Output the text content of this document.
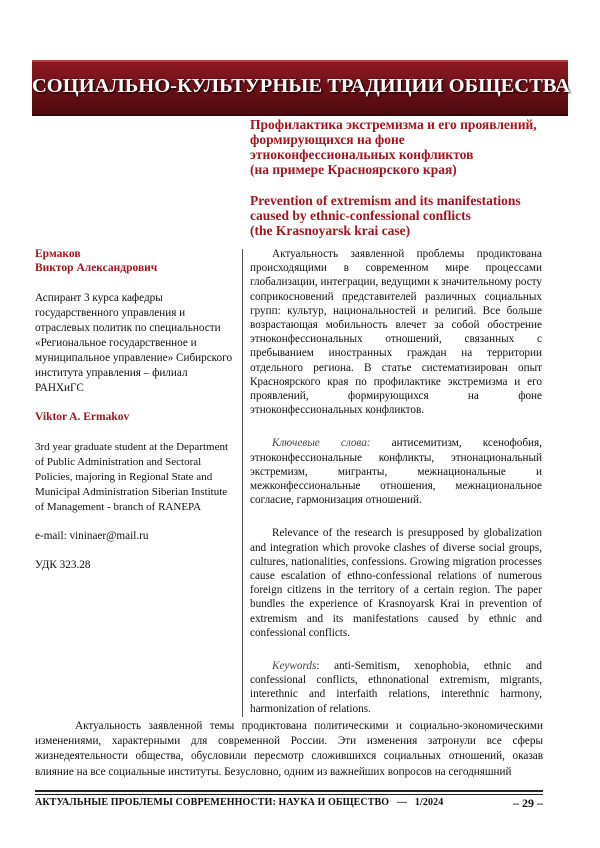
СОЦИАЛЬНО-КУЛЬТУРНЫЕ ТРАДИЦИИ ОБЩЕСТВА
Профилактика экстремизма и его проявлений,
формирующихся на фоне
этноконфессиональных конфликтов
(на примере Красноярского края)
Prevention of extremism and its manifestations
caused by ethnic-confessional conflicts
(the Krasnoyarsk krai case)
Ермаков
Виктор Александрович
Аспирант 3 курса кафедры государственного управления и отраслевых политик по специальности «Региональное государственное и муниципальное управление» Сибирского института управления – филиал РАНХиГС
Viktor A. Ermakov
3rd year graduate student at the Department of Public Administration and Sectoral Policies, majoring in Regional State and Municipal Administration Siberian Institute of Management - branch of RANEPA
e-mail: vininaer@mail.ru
УДК 323.28

Актуальность заявленной проблемы продиктована происходящими в современном мире процессами глобализации, интеграции, ведущими к значительному росту соприкосновений представителей различных социальных групп: культур, национальностей и религий. Все больше возрастающая мобильность влечет за собой обострение этноконфессиональных отношений, связанных с пребыванием иностранных граждан на территории отдельного региона. В статье систематизирован опыт Красноярского края по профилактике экстремизма и его проявлений, формирующихся на фоне этноконфессиональных конфликтов.

Ключевые слова: антисемитизм, ксенофобия, этноконфессиональные конфликты, этнонациональный экстремизм, мигранты, межнациональные и межконфессиональные отношения, межнациональное согласие, гармонизация отношений.

Relevance of the research is presupposed by globalization and integration which provoke clashes of diverse social groups, cultures, nationalities, confessions. Growing migration processes cause escalation of ethno-confessional relations of numerous foreign citizens in the territory of a certain region. The paper bundles the experience of Krasnoyarsk Krai in prevention of extremism and its manifestations caused by ethnic and confessional conflicts.

Keywords: anti-Semitism, xenophobia, ethnic and confessional conflicts, ethnonational extremism, migrants, interethnic and interfaith relations, interethnic harmony, harmonization of relations.

Актуальность заявленной темы продиктована политическими и социально-экономическими изменениями, характерными для современной России. Эти изменения затронули все сферы жизнедеятельности общества, обусловили пересмотр сложившихся социальных отношений, оказав влияние на все социальные институты. Безусловно, одним из важнейших вопросов на сегодняшний

АКТУАЛЬНЫЕ ПРОБЛЕМЫ СОВРЕМЕННОСТИ: НАУКА И ОБЩЕСТВО — 1/2024	– 29 –
